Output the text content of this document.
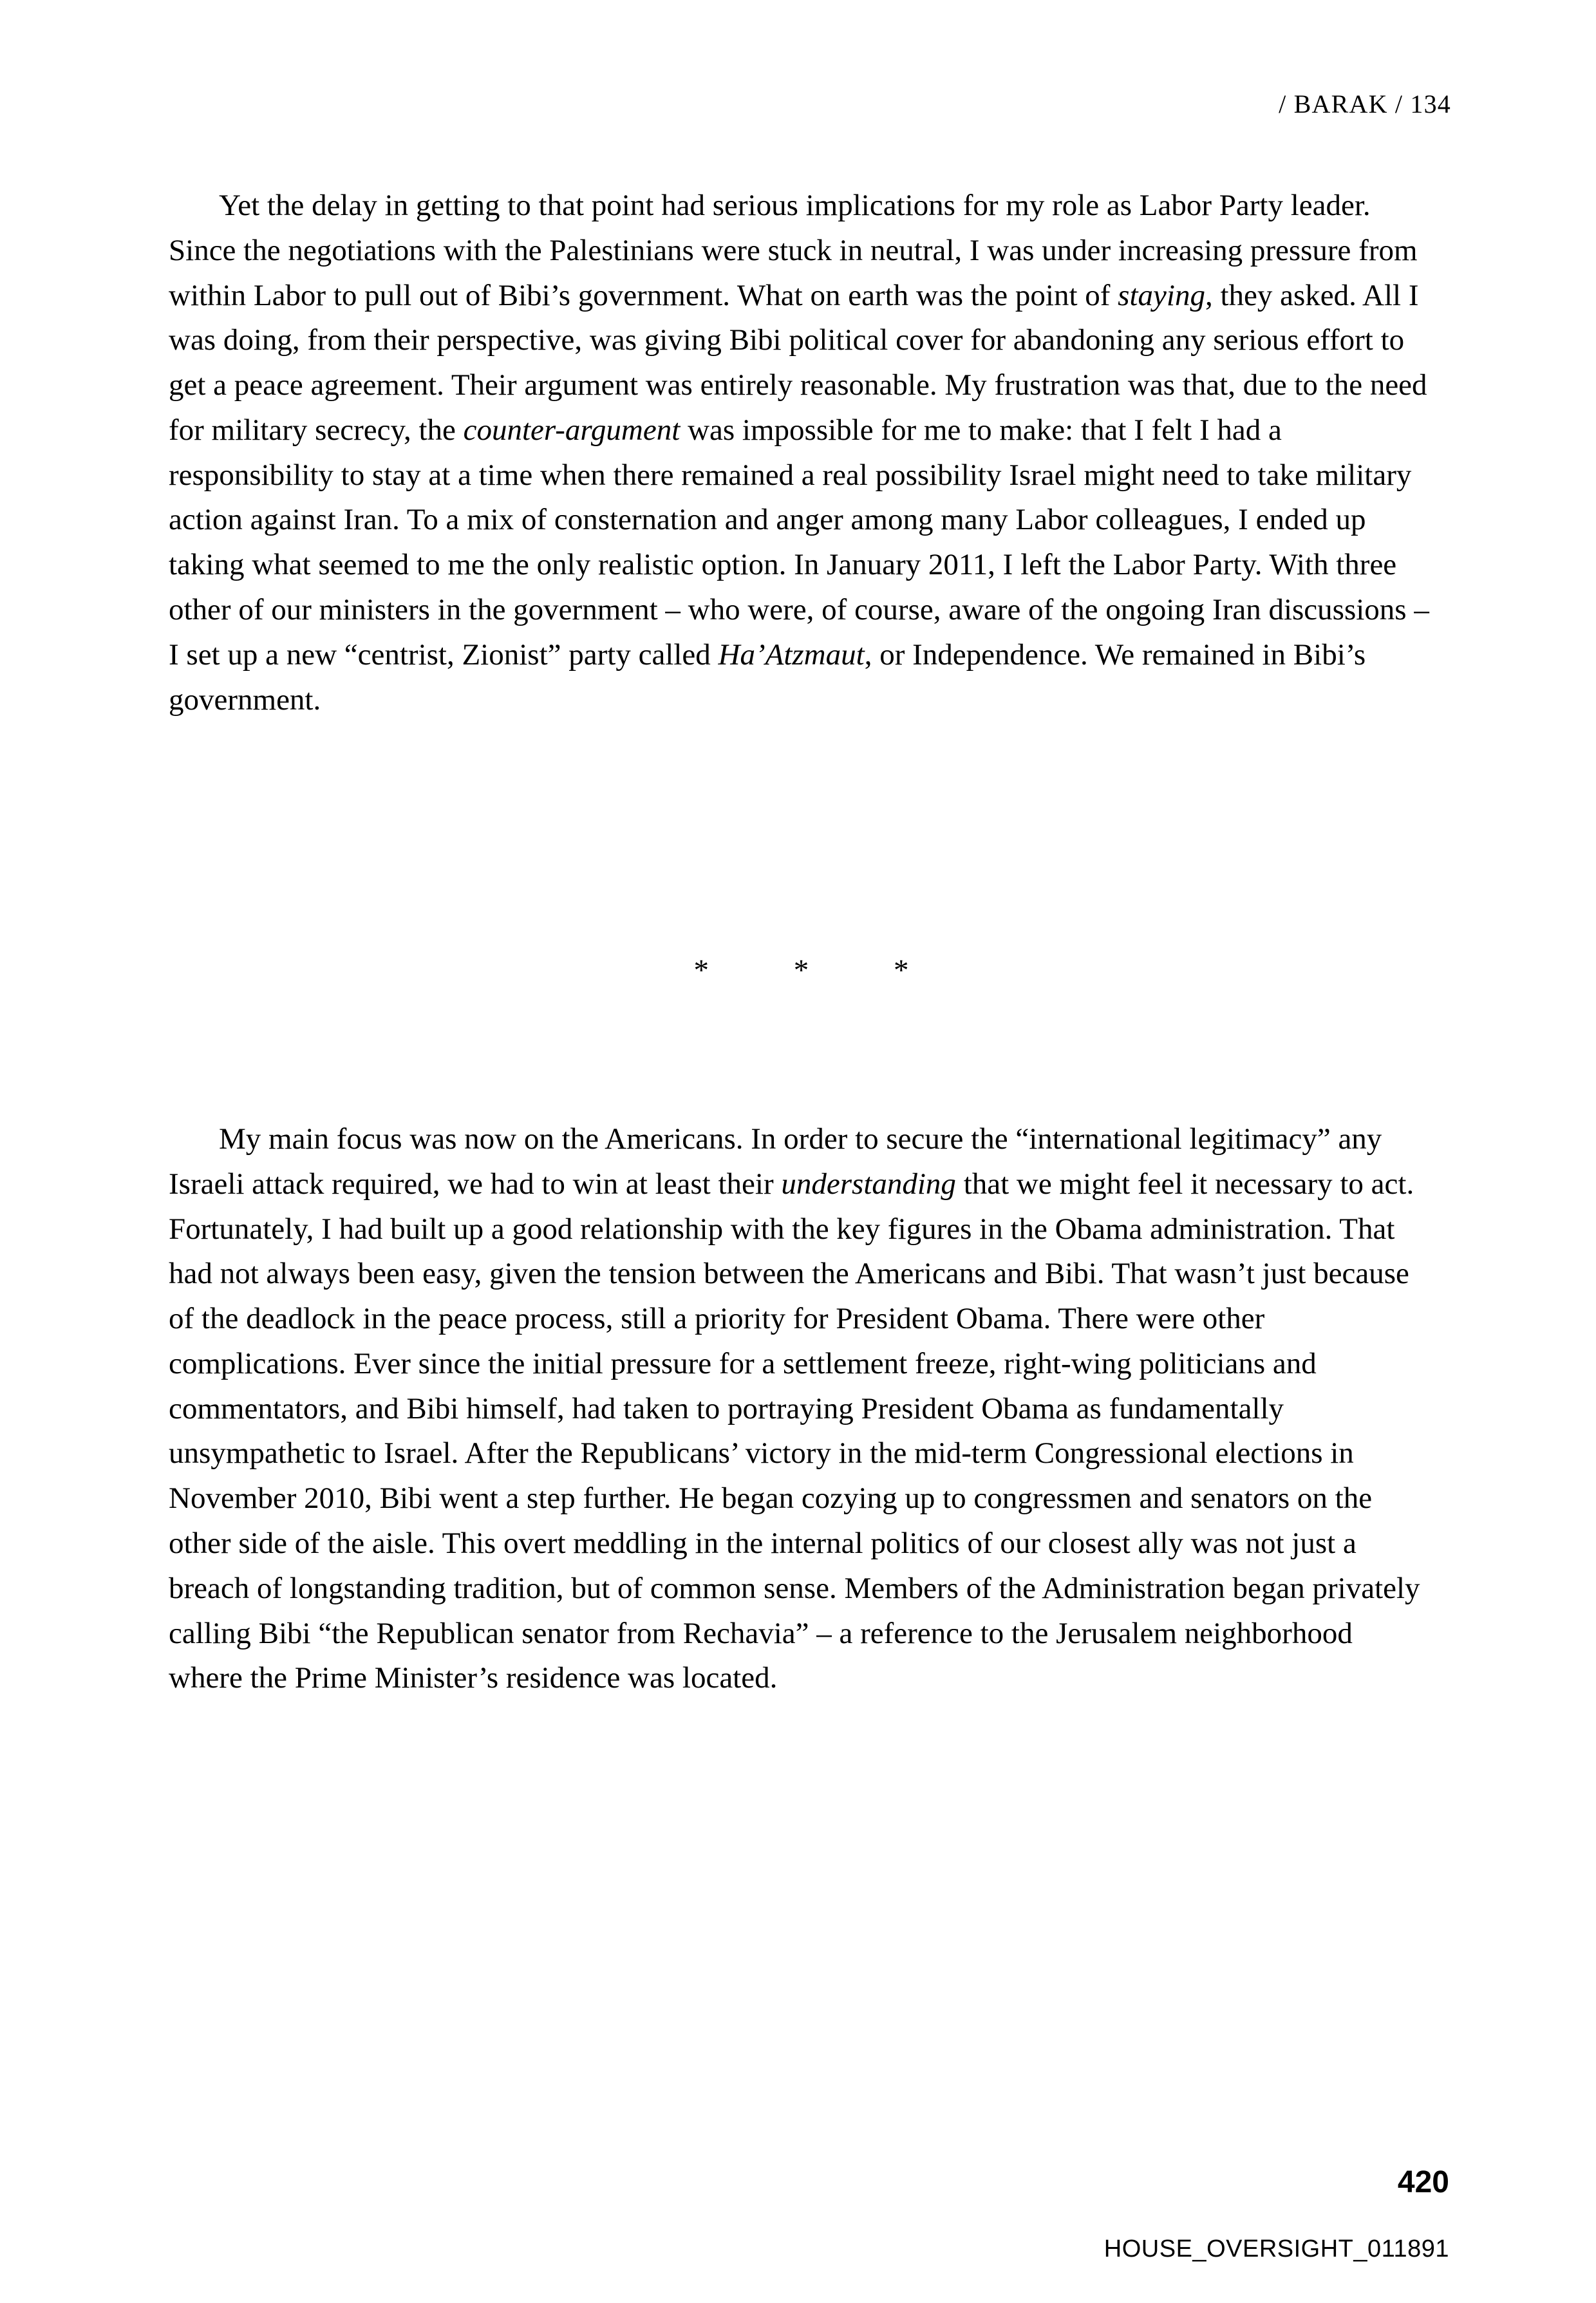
/ BARAK / 134

Yet the delay in getting to that point had serious implications for my role as Labor Party leader. Since the negotiations with the Palestinians were stuck in neutral, I was under increasing pressure from within Labor to pull out of Bibi’s government. What on earth was the point of staying, they asked. All I was doing, from their perspective, was giving Bibi political cover for abandoning any serious effort to get a peace agreement. Their argument was entirely reasonable. My frustration was that, due to the need for military secrecy, the counter-argument was impossible for me to make: that I felt I had a responsibility to stay at a time when there remained a real possibility Israel might need to take military action against Iran. To a mix of consternation and anger among many Labor colleagues, I ended up taking what seemed to me the only realistic option. In January 2011, I left the Labor Party. With three other of our ministers in the government – who were, of course, aware of the ongoing Iran discussions – I set up a new “centrist, Zionist” party called Ha’Atzmaut, or Independence. We remained in Bibi’s government.

* * *

My main focus was now on the Americans. In order to secure the “international legitimacy” any Israeli attack required, we had to win at least their understanding that we might feel it necessary to act. Fortunately, I had built up a good relationship with the key figures in the Obama administration. That had not always been easy, given the tension between the Americans and Bibi. That wasn’t just because of the deadlock in the peace process, still a priority for President Obama. There were other complications. Ever since the initial pressure for a settlement freeze, right-wing politicians and commentators, and Bibi himself, had taken to portraying President Obama as fundamentally unsympathetic to Israel. After the Republicans’ victory in the mid-term Congressional elections in November 2010, Bibi went a step further. He began cozying up to congressmen and senators on the other side of the aisle. This overt meddling in the internal politics of our closest ally was not just a breach of longstanding tradition, but of common sense. Members of the Administration began privately calling Bibi “the Republican senator from Rechavia” – a reference to the Jerusalem neighborhood where the Prime Minister’s residence was located.

420
HOUSE_OVERSIGHT_011891
